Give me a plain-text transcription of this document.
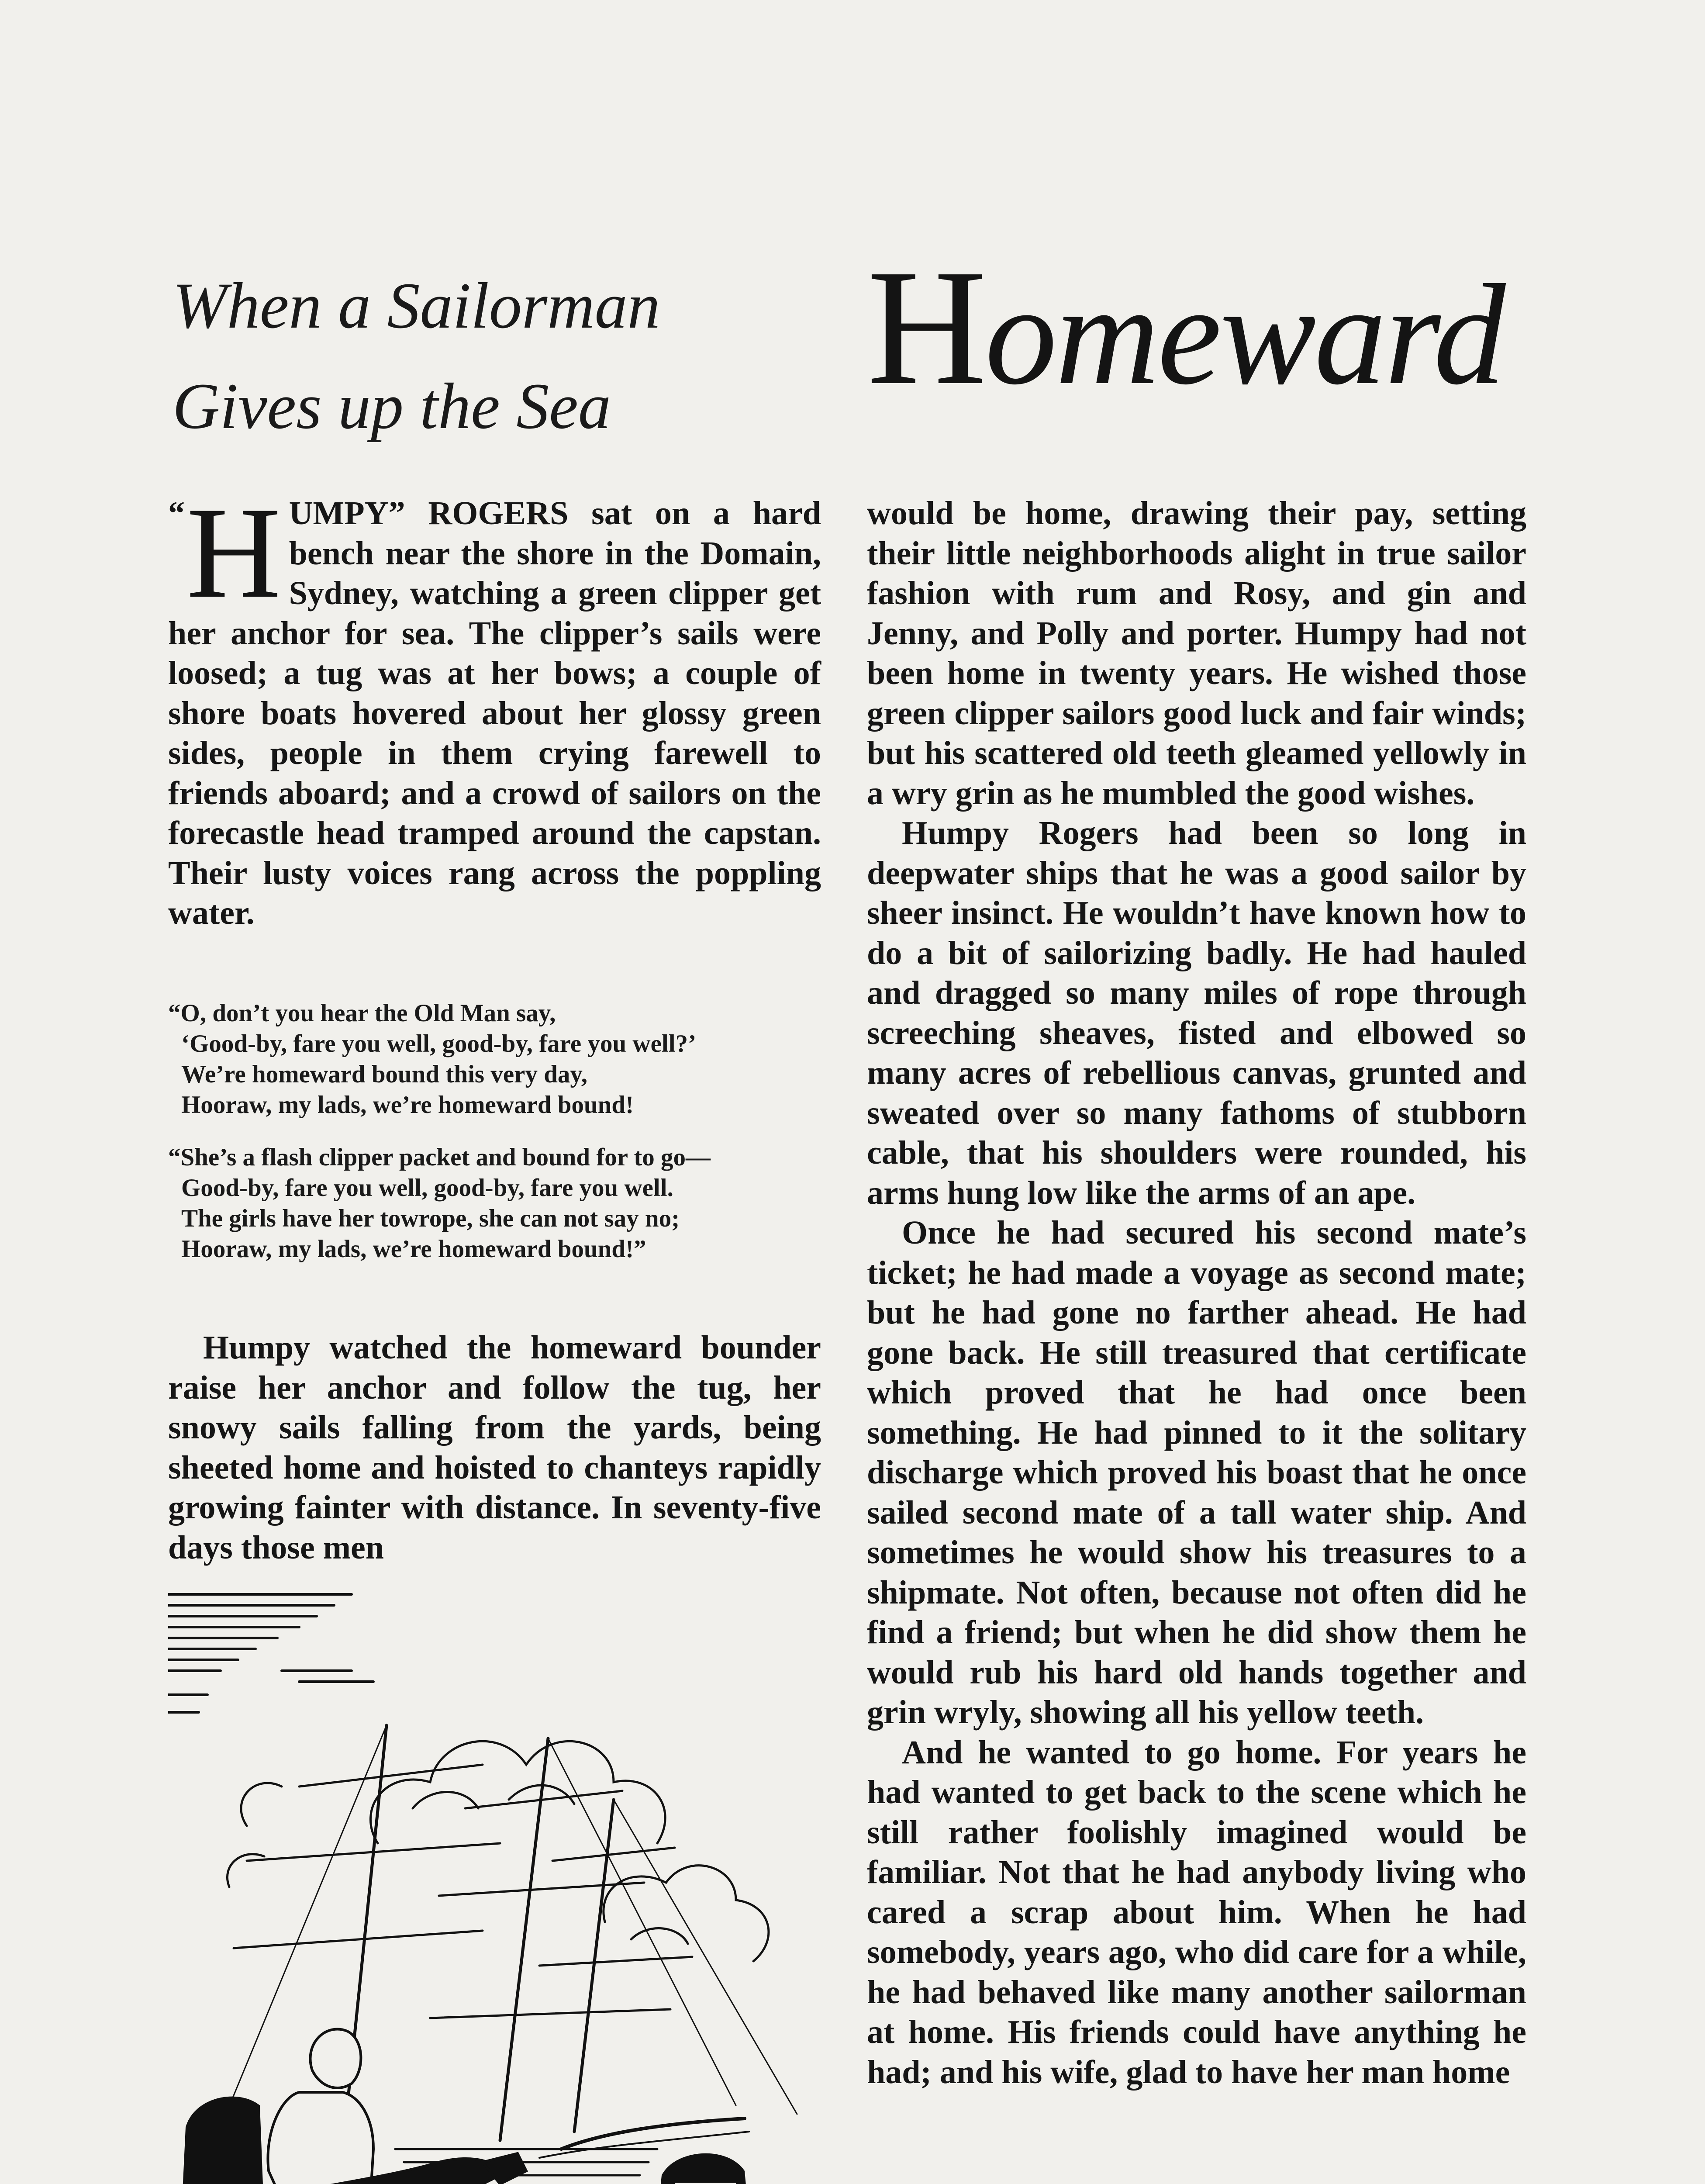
When a Sailorman
Gives up the Sea	Homeward

“ H UMPY” ROGERS sat on a hard bench near the shore in the Domain, Sydney, watching a green clipper get her anchor for sea. The clipper’s sails were loosed; a tug was at her bows; a couple of shore boats hovered about her glossy green sides, people in them crying farewell to friends aboard; and a crowd of sailors on the forecastle head tramped around the capstan. Their lusty voices rang across the poppling water.

“O, don’t you hear the Old Man say,
‘Good-by, fare you well, good-by, fare you well?’
We’re homeward bound this very day,
Hooraw, my lads, we’re homeward bound!
“She’s a flash clipper packet and bound for to go—
Good-by, fare you well, good-by, fare you well.
The girls have her towrope, she can not say no;
Hooraw, my lads, we’re homeward bound!”

Humpy watched the homeward bounder raise her anchor and follow the tug, her snowy sails falling from the yards, being sheeted home and hoisted to chanteys rapidly growing fainter with distance. In seventy-five days those men

would be home, drawing their pay, setting their little neighborhoods alight in true sailor fashion with rum and Rosy, and gin and Jenny, and Polly and porter. Humpy had not been home in twenty years. He wished those green clipper sailors good luck and fair winds; but his scattered old teeth gleamed yellowly in a wry grin as he mumbled the good wishes.

Humpy Rogers had been so long in deepwater ships that he was a good sailor by sheer insinct. He wouldn’t have known how to do a bit of sailorizing badly. He had hauled and dragged so many miles of rope through screeching sheaves, fisted and elbowed so many acres of rebellious canvas, grunted and sweated over so many fathoms of stubborn cable, that his shoulders were rounded, his arms hung low like the arms of an ape.

Once he had secured his second mate’s ticket; he had made a voyage as second mate; but he had gone no farther ahead. He had gone back. He still treasured that certificate which proved that he had once been something. He had pinned to it the solitary discharge which proved his boast that he once sailed second mate of a tall water ship. And sometimes he would show his treasures to a shipmate. Not often, because not often did he find a friend; but when he did show them he would rub his hard old hands together and grin wryly, showing all his yellow teeth.

And he wanted to go home. For years he had wanted to get back to the scene which he still rather foolishly imagined would be familiar. Not that he had anybody living who cared a scrap about him. When he had somebody, years ago, who did care for a while, he had behaved like many another sailorman at home. His friends could have anything he had; and his wife, glad to have her man home
